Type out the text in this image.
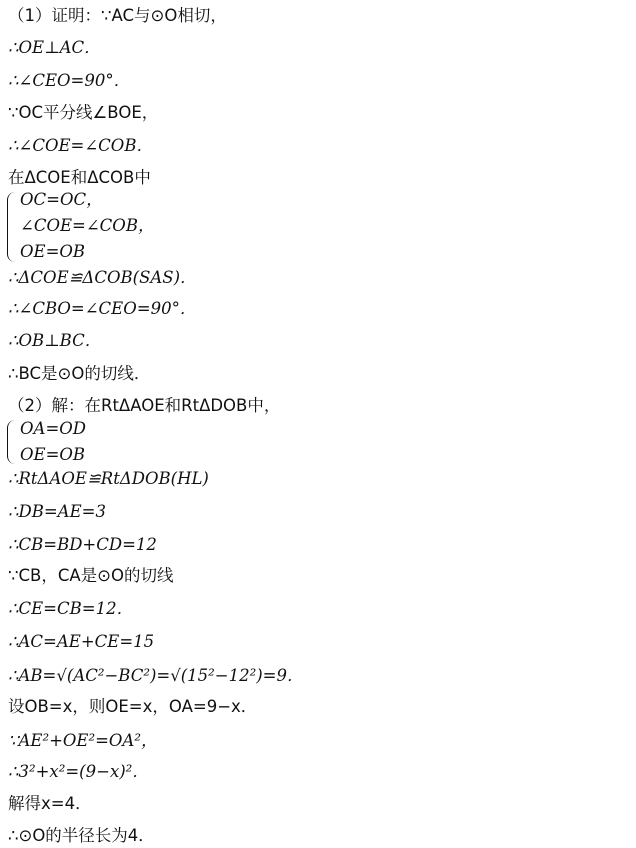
（1）证明：∵AC与⊙O相切，
∴OE⊥AC．
∴∠CEO=90°．
∵OC平分线∠BOE，
∴∠COE=∠COB．
在ΔCOE和ΔCOB中
OC=OC，
∠COE=∠COB，
OE=OB
∴ΔCOE≌ΔCOB(SAS)．
∴∠CBO=∠CEO=90°．
∴OB⊥BC．
∴BC是⊙O的切线．
（2）解：在RtΔAOE和RtΔDOB中，
OA=OD
OE=OB
∴RtΔAOE≌RtΔDOB(HL)
∴DB=AE=3
∴CB=BD+CD=12
∵CB，CA是⊙O的切线
∴CE=CB=12．
∴AC=AE+CE=15
∴AB=√(AC²−BC²)=√(15²−12²)=9．
设OB=x，则OE=x，OA=9−x．
∵AE²+OE²=OA²，
∴3²+x²=(9−x)²．
解得x=4．
∴⊙O的半径长为4．
